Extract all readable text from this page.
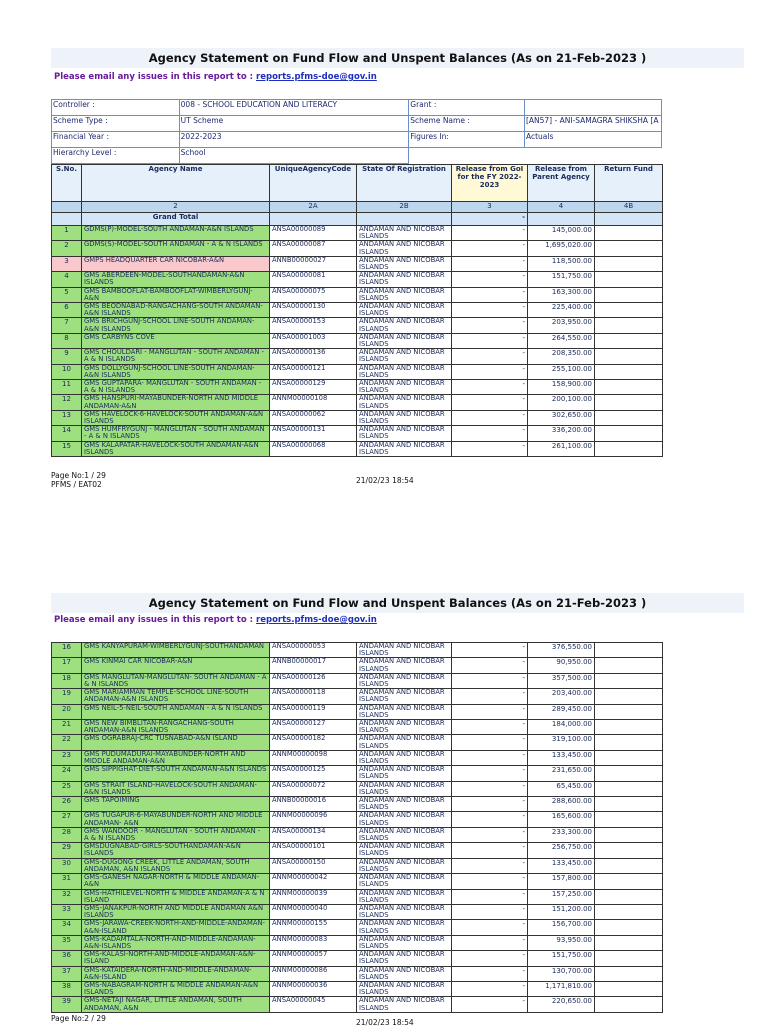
Agency Statement on Fund Flow and Unspent Balances (As on 21-Feb-2023 )
Please email any issues in this report to : reports.pfms-doe@gov.in
Controller :	008 - SCHOOL EDUCATION AND LITERACY	Grant :	
Scheme Type :	UT Scheme	Scheme Name :	[AN57] - ANI-SAMAGRA SHIKSHA [A
Financial Year :	2022-2023	Figures In:	Actuals
Hierarchy Level :	School		
S.No.	Agency Name	UniqueAgencyCode	State Of Registration	Release from GoI for the FY 2022-2023	Release from Parent Agency	Return Fund
	2	2A	2B	3	4	4B
	Grand Total			-		
1	GDMS(P)-MODEL-SOUTH ANDAMAN-A&N ISLANDS	ANSA00000089	ANDAMAN AND NICOBAR ISLANDS	-	145,000.00	
2	GDMS(S)-MODEL-SOUTH ANDAMAN - A & N ISLANDS	ANSA00000087	ANDAMAN AND NICOBAR ISLANDS	-	1,695,020.00	
3	GMPS HEADQUARTER CAR NICOBAR-A&N	ANNB00000027	ANDAMAN AND NICOBAR ISLANDS	-	118,500.00	
4	GMS ABERDEEN-MODEL-SOUTHANDAMAN-A&N ISLANDS	ANSA00000081	ANDAMAN AND NICOBAR ISLANDS	-	151,750.00	
5	GMS BAMBOOFLAT-BAMBOOFLAT-WIMBERLYGUNJ-A&N	ANSA00000075	ANDAMAN AND NICOBAR ISLANDS	-	163,300.00	
6	GMS BEODNABAD-RANGACHANG-SOUTH ANDAMAN-A&N ISLANDS	ANSA00000130	ANDAMAN AND NICOBAR ISLANDS	-	225,400.00	
7	GMS BRICHGUNJ-SCHOOL LINE-SOUTH ANDAMAN-A&N ISLANDS	ANSA00000153	ANDAMAN AND NICOBAR ISLANDS	-	203,950.00	
8	GMS CARBYNS COVE	ANSA00001003	ANDAMAN AND NICOBAR ISLANDS	-	264,550.00	
9	GMS CHOULDARI - MANGLUTAN - SOUTH ANDAMAN - A & N ISLANDS	ANSA00000136	ANDAMAN AND NICOBAR ISLANDS	-	208,350.00	
10	GMS DOLLYGUNJ-SCHOOL LINE-SOUTH ANDAMAN-A&N ISLANDS	ANSA00000121	ANDAMAN AND NICOBAR ISLANDS	-	255,100.00	
11	GMS GUPTAPARA- MANGLUTAN - SOUTH ANDAMAN - A & N ISLANDS	ANSA00000129	ANDAMAN AND NICOBAR ISLANDS	-	158,900.00	
12	GMS HANSPURI-MAYABUNDER-NORTH AND MIDDLE ANDAMAN-A&N	ANNM00000108	ANDAMAN AND NICOBAR ISLANDS	-	200,100.00	
13	GMS HAVELOCK-6-HAVELOCK-SOUTH ANDAMAN-A&N ISLANDS	ANSA00000062	ANDAMAN AND NICOBAR ISLANDS	-	302,650.00	
14	GMS HUMFRYGUNJ - MANGLUTAN - SOUTH ANDAMAN - A & N ISLANDS	ANSA00000131	ANDAMAN AND NICOBAR ISLANDS	-	336,200.00	
15	GMS KALAPATAR-HAVELOCK-SOUTH ANDAMAN-A&N ISLANDS	ANSA00000068	ANDAMAN AND NICOBAR ISLANDS	-	261,100.00	
Page No:1 / 29
PFMS / EAT02	21/02/23 18:54
Agency Statement on Fund Flow and Unspent Balances (As on 21-Feb-2023 )
Please email any issues in this report to : reports.pfms-doe@gov.in
16	GMS KANYAPURAM-WIMBERLYGUNJ-SOUTHANDAMAN	ANSA00000053	ANDAMAN AND NICOBAR ISLANDS	-	376,550.00	
17	GMS KINMAI CAR NICOBAR-A&N	ANNB00000017	ANDAMAN AND NICOBAR ISLANDS	-	90,950.00	
18	GMS MANGLUTAN-MANGLUTAN- SOUTH ANDAMAN - A & N ISLANDS	ANSA00000126	ANDAMAN AND NICOBAR ISLANDS	-	357,500.00	
19	GMS MARIAMMAN TEMPLE-SCHOOL LINE-SOUTH ANDAMAN-A&N ISLANDS	ANSA00000118	ANDAMAN AND NICOBAR ISLANDS	-	203,400.00	
20	GMS NEIL-5-NEIL-SOUTH ANDAMAN - A & N ISLANDS	ANSA00000119	ANDAMAN AND NICOBAR ISLANDS	-	289,450.00	
21	GMS NEW BIMBLITAN-RANGACHANG-SOUTH ANDAMAN-A&N ISLANDS	ANSA00000127	ANDAMAN AND NICOBAR ISLANDS	-	184,000.00	
22	GMS OGRABRAJ-CRC TUSNABAD-A&N ISLAND	ANSA00000182	ANDAMAN AND NICOBAR ISLANDS	-	319,100.00	
23	GMS PUDUMADURAI-MAYABUNDER-NORTH AND MIDDLE ANDAMAN-A&N	ANNM00000098	ANDAMAN AND NICOBAR ISLANDS	-	133,450.00	
24	GMS SIPPIGHAT-DIET-SOUTH ANDAMAN-A&N ISLANDS	ANSA00000125	ANDAMAN AND NICOBAR ISLANDS	-	231,650.00	
25	GMS STRAIT ISLAND-HAVELOCK-SOUTH ANDAMAN-A&N ISLANDS	ANSA00000072	ANDAMAN AND NICOBAR ISLANDS	-	65,450.00	
26	GMS TAPOIMING	ANNB00000016	ANDAMAN AND NICOBAR ISLANDS	-	288,600.00	
27	GMS TUGAPUR-6-MAYABUNDER-NORTH AND MIDDLE ANDAMAN- A&N	ANNM00000096	ANDAMAN AND NICOBAR ISLANDS	-	165,600.00	
28	GMS WANDOOR - MANGLUTAN - SOUTH ANDAMAN - A & N ISLANDS	ANSA00000134	ANDAMAN AND NICOBAR ISLANDS	-	233,300.00	
29	GMSDUGNABAD-GIRLS-SOUTHANDAMAN-A&N ISLANDS	ANSA00000101	ANDAMAN AND NICOBAR ISLANDS	-	256,750.00	
30	GMS-DUGONG CREEK, LITTLE ANDAMAN, SOUTH ANDAMAN, A&N ISLANDS	ANSA00000150	ANDAMAN AND NICOBAR ISLANDS	-	133,450.00	
31	GMS-GANESH NAGAR-NORTH & MIDDLE ANDAMAN-A&N	ANNM00000042	ANDAMAN AND NICOBAR ISLANDS	-	157,800.00	
32	GMS-HATHILEVEL-NORTH & MIDDLE ANDAMAN-A & N ISLAND	ANNM00000039	ANDAMAN AND NICOBAR ISLANDS	-	157,250.00	
33	GMS-JANAKPUR-NORTH AND MIDDLE ANDAMAN A&N ISLANDS	ANNM00000040	ANDAMAN AND NICOBAR ISLANDS	-	151,200.00	
34	GMS-JARAWA-CREEK-NORTH-AND-MIDDLE-ANDAMAN-A&N-ISLAND	ANNM00000155	ANDAMAN AND NICOBAR ISLANDS	-	156,700.00	
35	GMS-KADAMTALA-NORTH-AND-MIDDLE-ANDAMAN-A&N-ISLANDS	ANNM00000083	ANDAMAN AND NICOBAR ISLANDS	-	93,950.00	
36	GMS-KALASI-NORTH-AND-MIDDLE-ANDAMAN-A&N-ISLAND	ANNM00000057	ANDAMAN AND NICOBAR ISLANDS	-	151,750.00	
37	GMS-KATAIDERA-NORTH-AND-MIDDLE-ANDAMAN-A&N-ISLAND	ANNM00000086	ANDAMAN AND NICOBAR ISLANDS	-	130,700.00	
38	GMS-NABAGRAM-NORTH & MIDDLE ANDAMAN-A&N ISLANDS	ANNM00000036	ANDAMAN AND NICOBAR ISLANDS	-	1,171,810.00	
39	GMS-NETAJI NAGAR, LITTLE ANDAMAN, SOUTH ANDAMAN, A&N	ANSA00000045	ANDAMAN AND NICOBAR ISLANDS	-	220,650.00	
Page No:2 / 29	21/02/23 18:54
